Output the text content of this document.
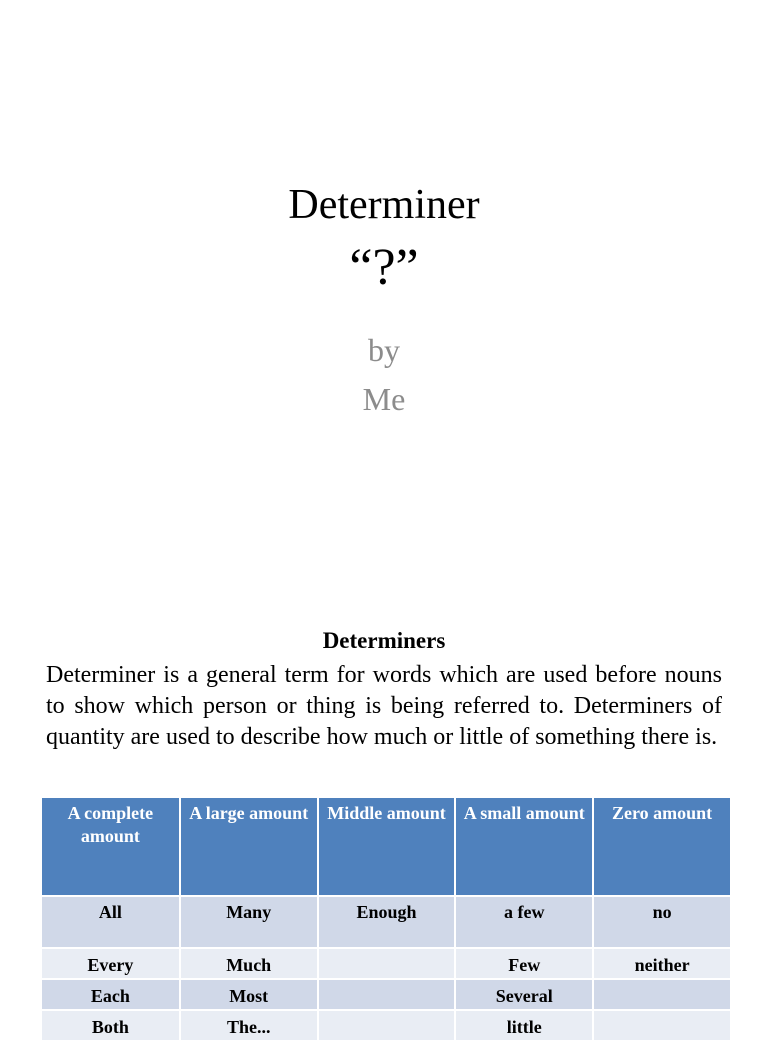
Determiner
“?”
by
Me
Determiners
Determiner is a general term for words which are used before nouns to show which person or thing is being referred to. Determiners of quantity are used to describe how much or little of something there is.
A complete amount	A large amount	Middle amount	A small amount	Zero amount
All	Many	Enough	a few	no
Every	Much		Few	neither
Each	Most		Several	
Both	The...		little	
